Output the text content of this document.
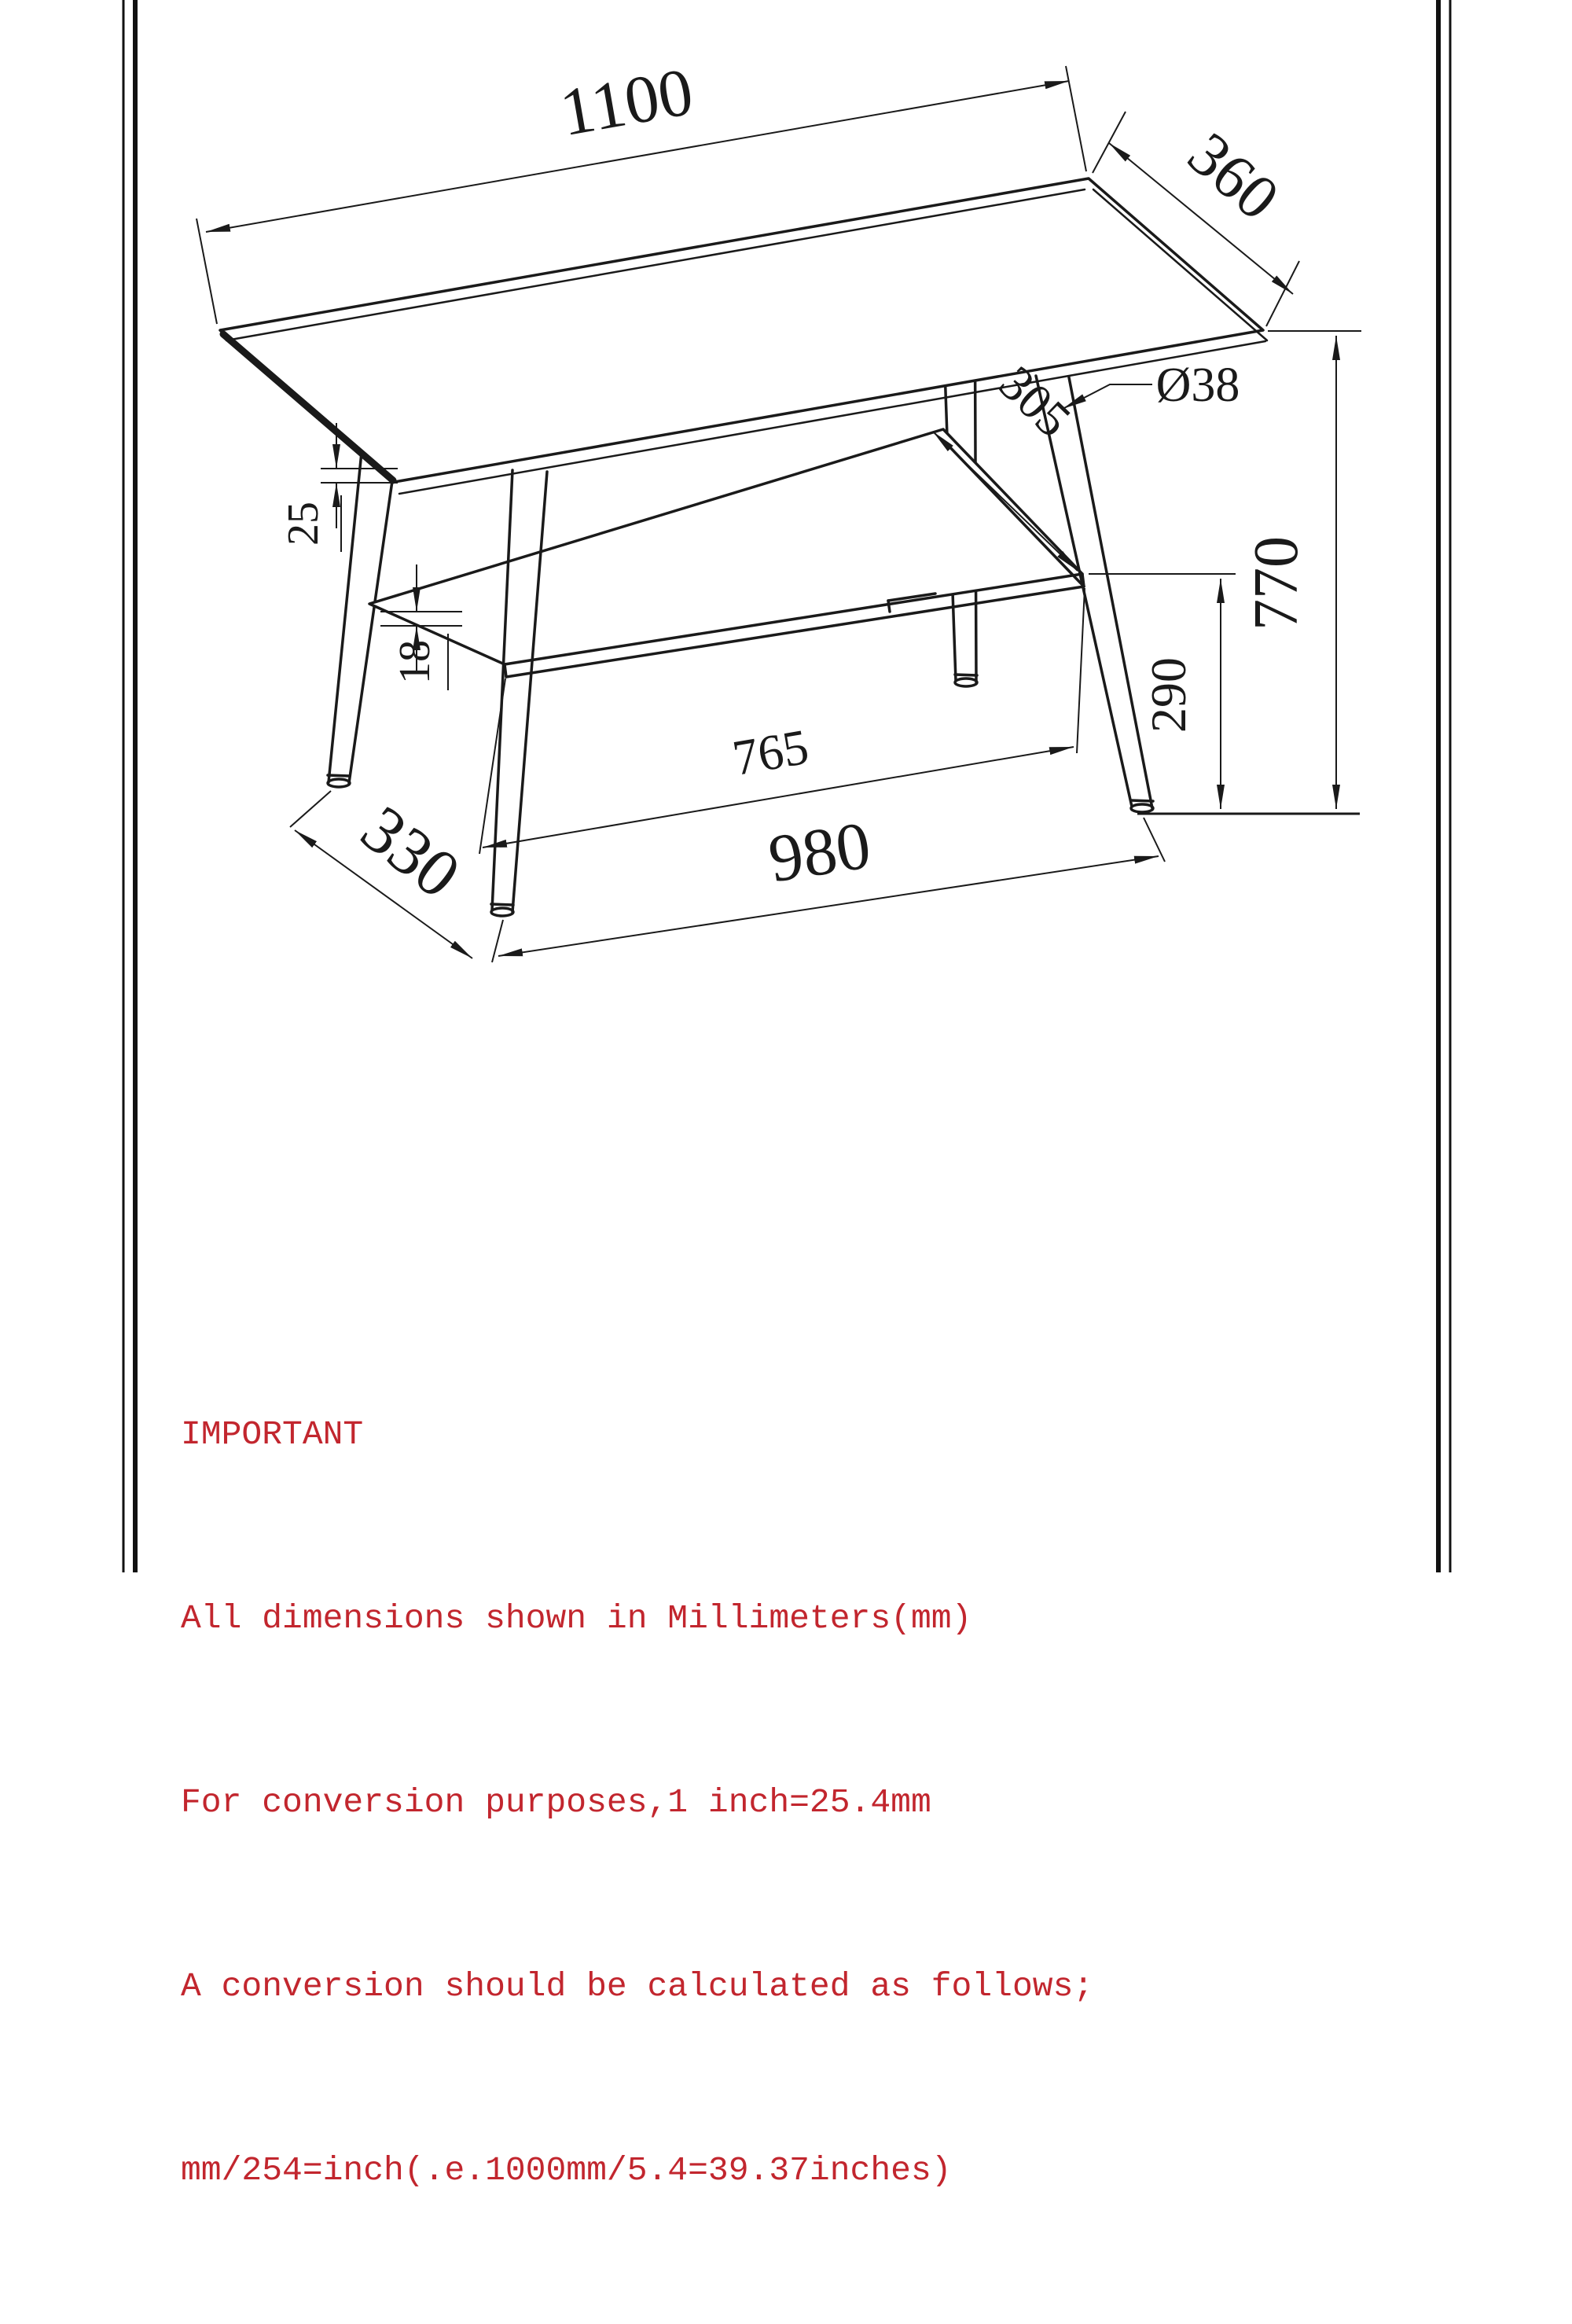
1100
360
Ø38
770
290
305
765
980
330
25
18

IMPORTANT

All dimensions shown in Millimeters(mm)

For conversion purposes,1 inch=25.4mm

A conversion should be calculated as follows;

mm/254=inch(.e.1000mm/5.4=39.37inches)
